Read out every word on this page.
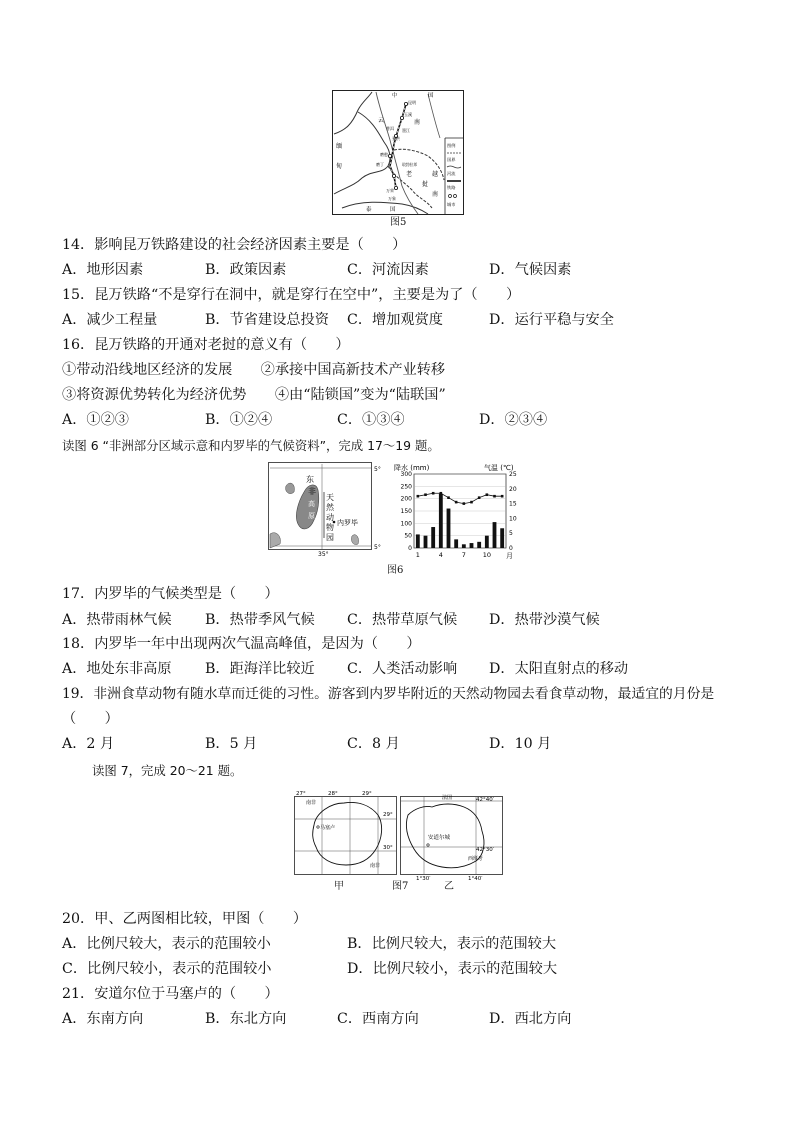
中	国
昆明
玉溪
云	南
普洱 墨江
景洪
磨憨
磨丁	琅勃拉邦
老
挝
缅
甸
万荣
万象
越
南
泰	国
图例
国界
河流
铁路
城市
图5
14．影响昆万铁路建设的社会经济因素主要是（　　）
A．地形因素	B．政策因素	C．河流因素	D．气候因素
15．昆万铁路“不是穿行在洞中，就是穿行在空中”，主要是为了（　　）
A．减少工程量	B．节省建设总投资 C．增加观赏度	D．运行平稳与安全
16．昆万铁路的开通对老挝的意义有（　　）
①带动沿线地区经济的发展　　②承接中国高新技术产业转移
③将资源优势转化为经济优势　　④由“陆锁国”变为“陆联国”
A．①②③	B．①②④	C．①③④	D．②③④
读图 6 “非洲部分区域示意和内罗毕的气候资料”，完成 17～19 题。
5°
5°
35°
东
非
高
原
天
然
动
物
园
内罗毕
降水 (mm)	气温 (℃)
0
50
100
150
200
250
300
0
5
10
15
20
25
1	4	7	10 月
图6
17．内罗毕的气候类型是（　　）
A．热带雨林气候 B．热带季风气候 C．热带草原气候 D．热带沙漠气候
18．内罗毕一年中出现两次气温高峰值，是因为（　　）
A．地处东非高原 B．距海洋比较近 C．人类活动影响 D．太阳直射点的移动
19．非洲食草动物有随水草而迁徙的习性。游客到内罗毕附近的天然动物园去看食草动物，最适宜的月份是
（　　）
A．2 月	B．5 月	C．8 月	D．10 月
读图 7，完成 20～21 题。
27°	28°	29°
29°
30°
南非
南非
马塞卢
甲
42°40′
42°30′
1°30′	1°40′
法国
西班牙
安道尔城
图7	乙
20．甲、乙两图相比较，甲图（　　）
A．比例尺较大，表示的范围较小	B．比例尺较大，表示的范围较大
C．比例尺较小，表示的范围较小	D．比例尺较小，表示的范围较大
21．安道尔位于马塞卢的（　　）
A．东南方向	B．东北方向	C．西南方向	D．西北方向
